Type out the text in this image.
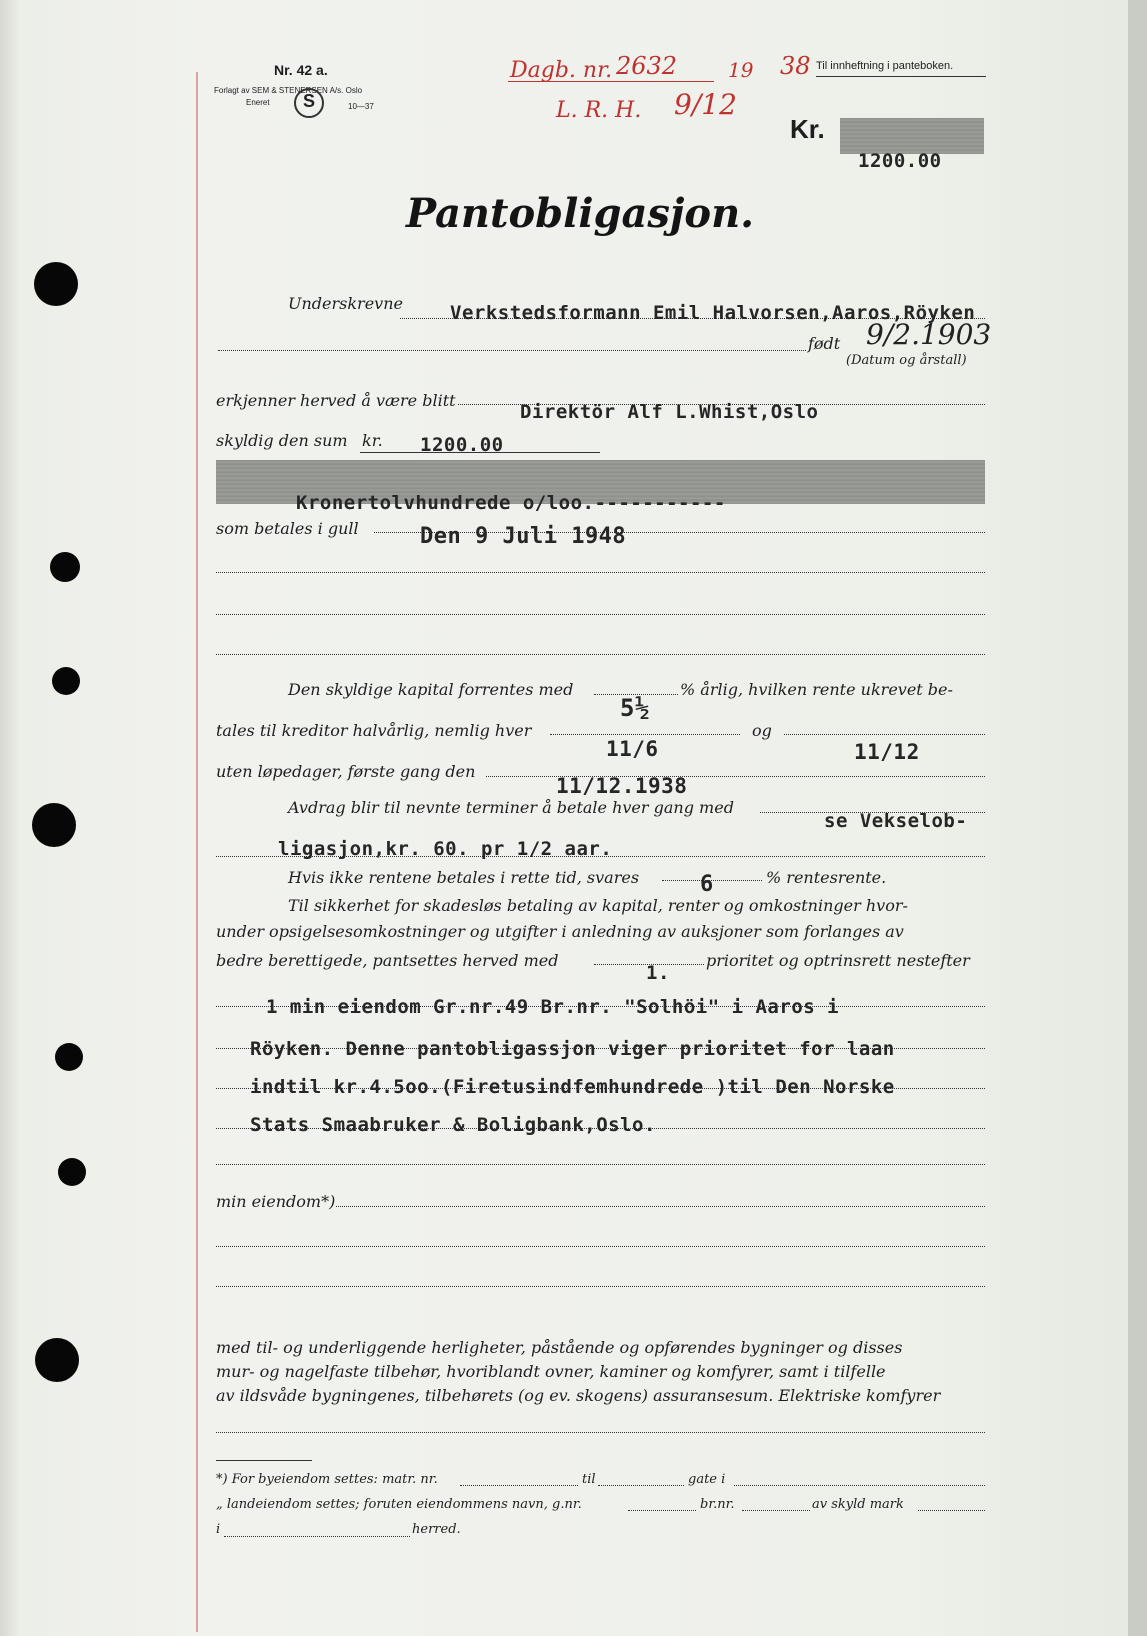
Nr. 42 a.
Forlagt av SEM & STENERSEN A/s. Oslo
Eneret S	10—37
Dagb. nr. 2632	19 38 Til innheftning i panteboken.
L. R. H. 9/12
Kr.
1200.00
Pantobligasjon.
Underskrevne Verkstedsformann Emil Halvorsen,Aaros,Röyken
født 9/2.1903
(Datum og årstall)
erkjenner herved å være blitt
Direktör Alf L.Whist,Oslo
skyldig den sum kr. 1200.00
Kronertolvhundrede o/loo.-----------
som betales i gull	Den 9 Juli 1948
Den skyldige kapital forrentes med
5½
% årlig, hvilken rente ukrevet be-
tales til kreditor halvårlig, nemlig hver
11/6
og
11/12
uten løpedager, første gang den
11/12.1938
Avdrag blir til nevnte terminer å betale hver gang med
se Vekselob-
ligasjon,kr. 60. pr 1/2 aar.
Hvis ikke rentene betales i rette tid, svares	6	% rentesrente.
Til sikkerhet for skadesløs betaling av kapital, renter og omkostninger hvor-
under opsigelsesomkostninger og utgifter i anledning av auksjoner som forlanges av
bedre berettigede, pantsettes herved med
1.
prioritet og optrinsrett nestefter
1 min eiendom Gr.nr.49 Br.nr. "Solhöi" i Aaros i
Röyken. Denne pantobligassjon viger prioritet for laan
indtil kr.4.5oo.(Firetusindfemhundrede )til Den Norske
Stats Smaabruker & Boligbank,Oslo.
min eiendom*)
med til- og underliggende herligheter, påstående og opførendes bygninger og disses
mur- og nagelfaste tilbehør, hvoriblandt ovner, kaminer og komfyrer, samt i tilfelle
av ildsvåde bygningenes, tilbehørets (og ev. skogens) assuransesum. Elektriske komfyrer
*) For byeiendom settes: matr. nr.	til	gate i
„ landeiendom settes; foruten eiendommens navn, g.nr.	br.nr.	av skyld mark
i	herred.
